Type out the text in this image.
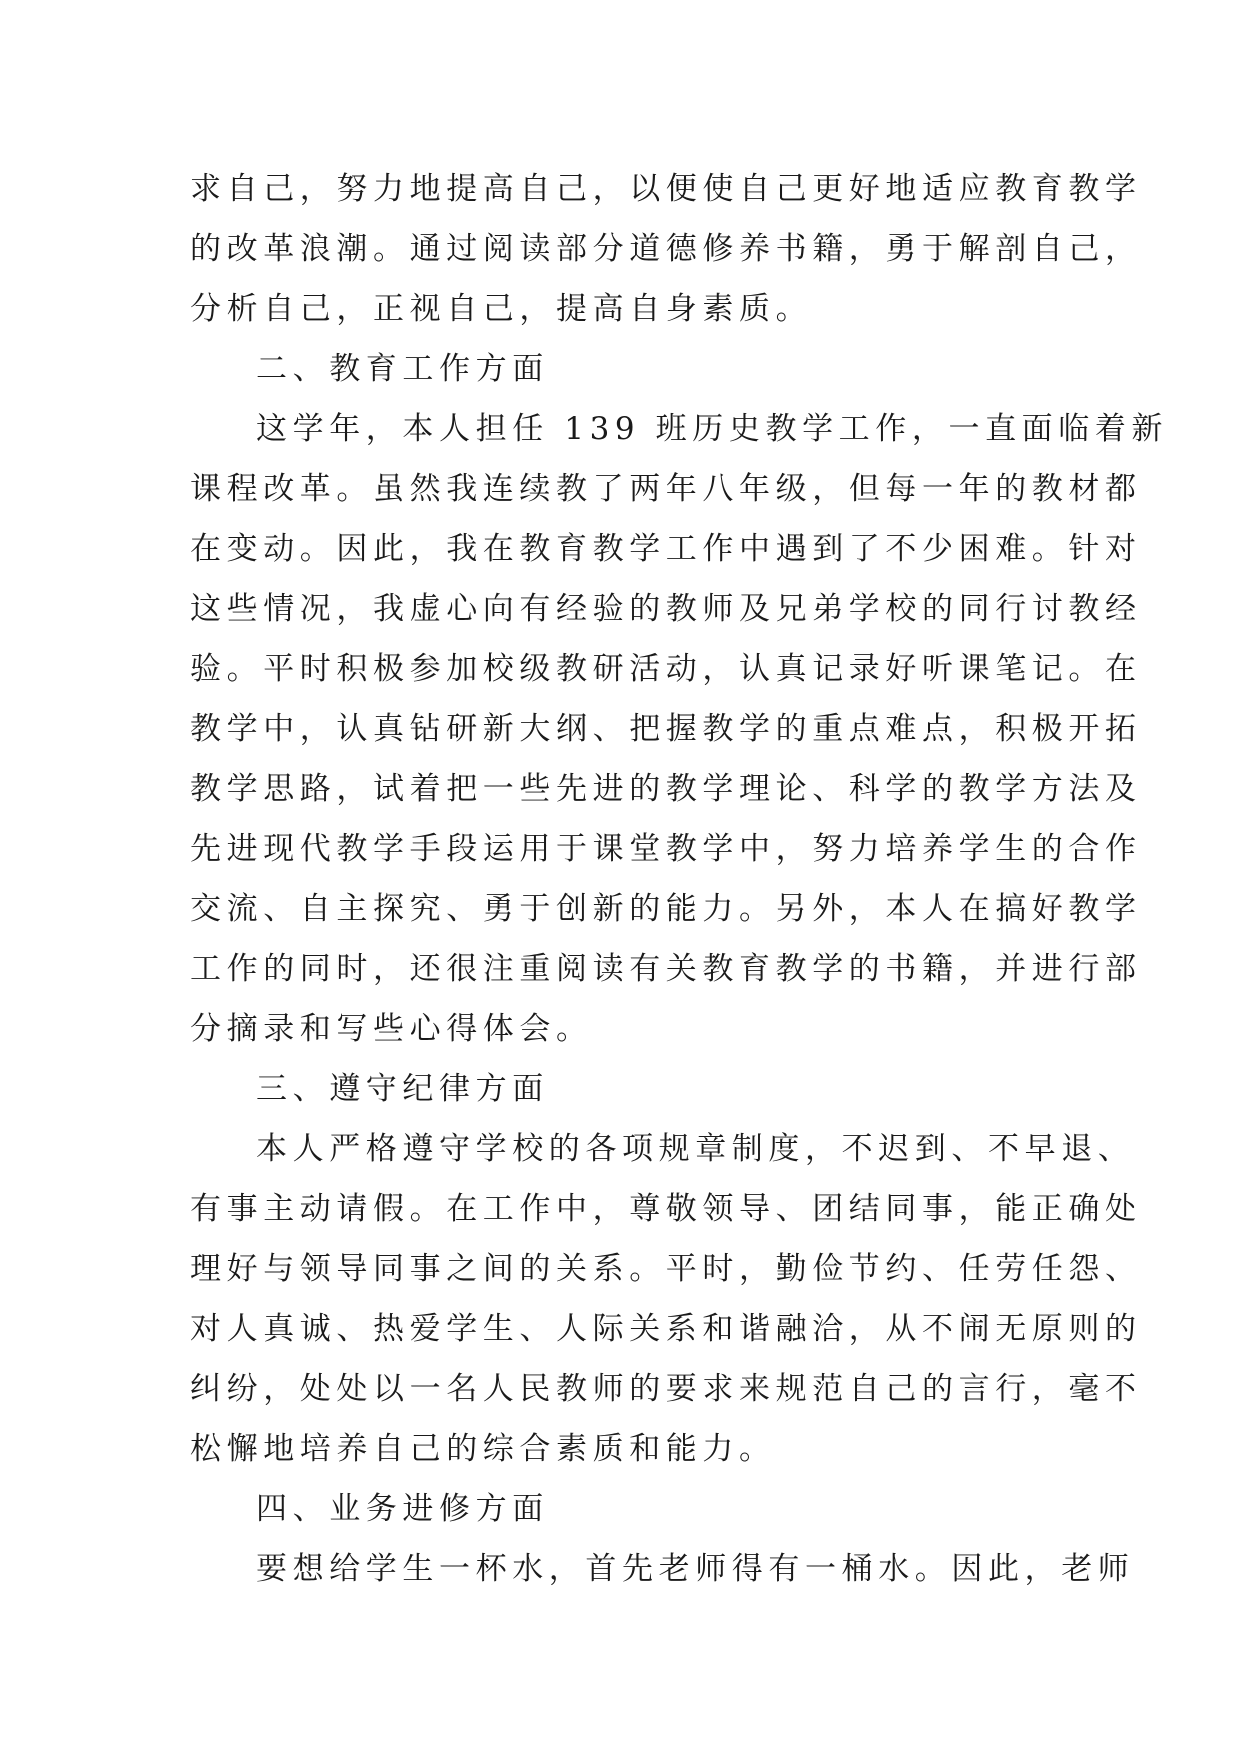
求自己，努力地提高自己，以便使自己更好地适应教育教学
的改革浪潮。通过阅读部分道德修养书籍，勇于解剖自己，
分析自己，正视自己，提高自身素质。
二、教育工作方面
这学年，本人担任 139 班历史教学工作，一直面临着新
课程改革。虽然我连续教了两年八年级，但每一年的教材都
在变动。因此，我在教育教学工作中遇到了不少困难。针对
这些情况，我虚心向有经验的教师及兄弟学校的同行讨教经
验。平时积极参加校级教研活动，认真记录好听课笔记。在
教学中，认真钻研新大纲、把握教学的重点难点，积极开拓
教学思路，试着把一些先进的教学理论、科学的教学方法及
先进现代教学手段运用于课堂教学中，努力培养学生的合作
交流、自主探究、勇于创新的能力。另外，本人在搞好教学
工作的同时，还很注重阅读有关教育教学的书籍，并进行部
分摘录和写些心得体会。
三、遵守纪律方面
本人严格遵守学校的各项规章制度，不迟到、不早退、
有事主动请假。在工作中，尊敬领导、团结同事，能正确处
理好与领导同事之间的关系。平时，勤俭节约、任劳任怨、
对人真诚、热爱学生、人际关系和谐融洽，从不闹无原则的
纠纷，处处以一名人民教师的要求来规范自己的言行，毫不
松懈地培养自己的综合素质和能力。
四、业务进修方面
要想给学生一杯水，首先老师得有一桶水。因此，老师
